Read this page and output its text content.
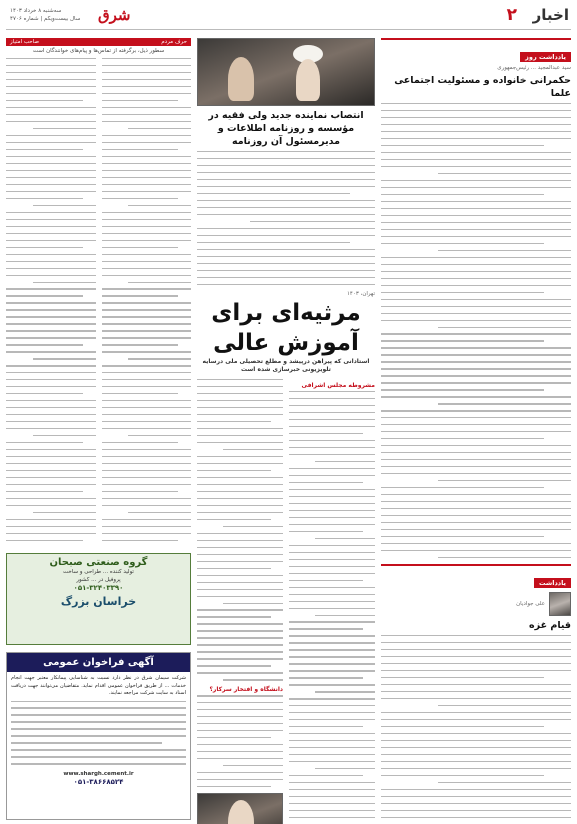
اخبار
۲
شرق
سه‌شنبه ۸ خرداد ۱۴۰۳
سال بیست‌ویکم | شماره ۴۷۰۶
یادداشت روز
سید عبدالمجید ... رئیس‌جمهوری
حکمرانی خانواده و مسئولیت اجتماعی علما
یادداشت
علی جوادیان
قیام غزه
انتصاب نماینده جدید ولی فقیه در مؤسسه و روزنامه اطلاعات و مدیرمسئول آن روزنامه
تهران، ۱۴۰۳
مرثیه‌ای برای آموزش عالی
استادانی که پیراهن درپیشد و مطلع تحصیلی ملی درسایه تلویزیونی خبرسازی شده است
مشروطه مجلس اشرافی
دانشگاه و افتخار سرکار؟
حرف مردم
صاحب امتیاز
سطور ذیل، برگرفته از تماس‌ها و پیام‌های خوانندگان است
گروه صنعتی صبحان
تولید کننده ... طراحی و ساخت
پروفیل در ... کشور
۰۵۱-۳۲۴۰۳۳۹۰
خراسان بزرگ
آگهی فراخوان عمومی
شرکت سیمان شرق در نظر دارد نسبت به شناسایی پیمانکار معتبر جهت انجام خدمات ... از طریق فراخوان عمومی اقدام نماید. متقاضیان می‌توانند جهت دریافت اسناد به سایت شرکت مراجعه نمایند.
www.shargh.cement.ir
۰۵۱-۳۸۶۶۸۵۲۴
